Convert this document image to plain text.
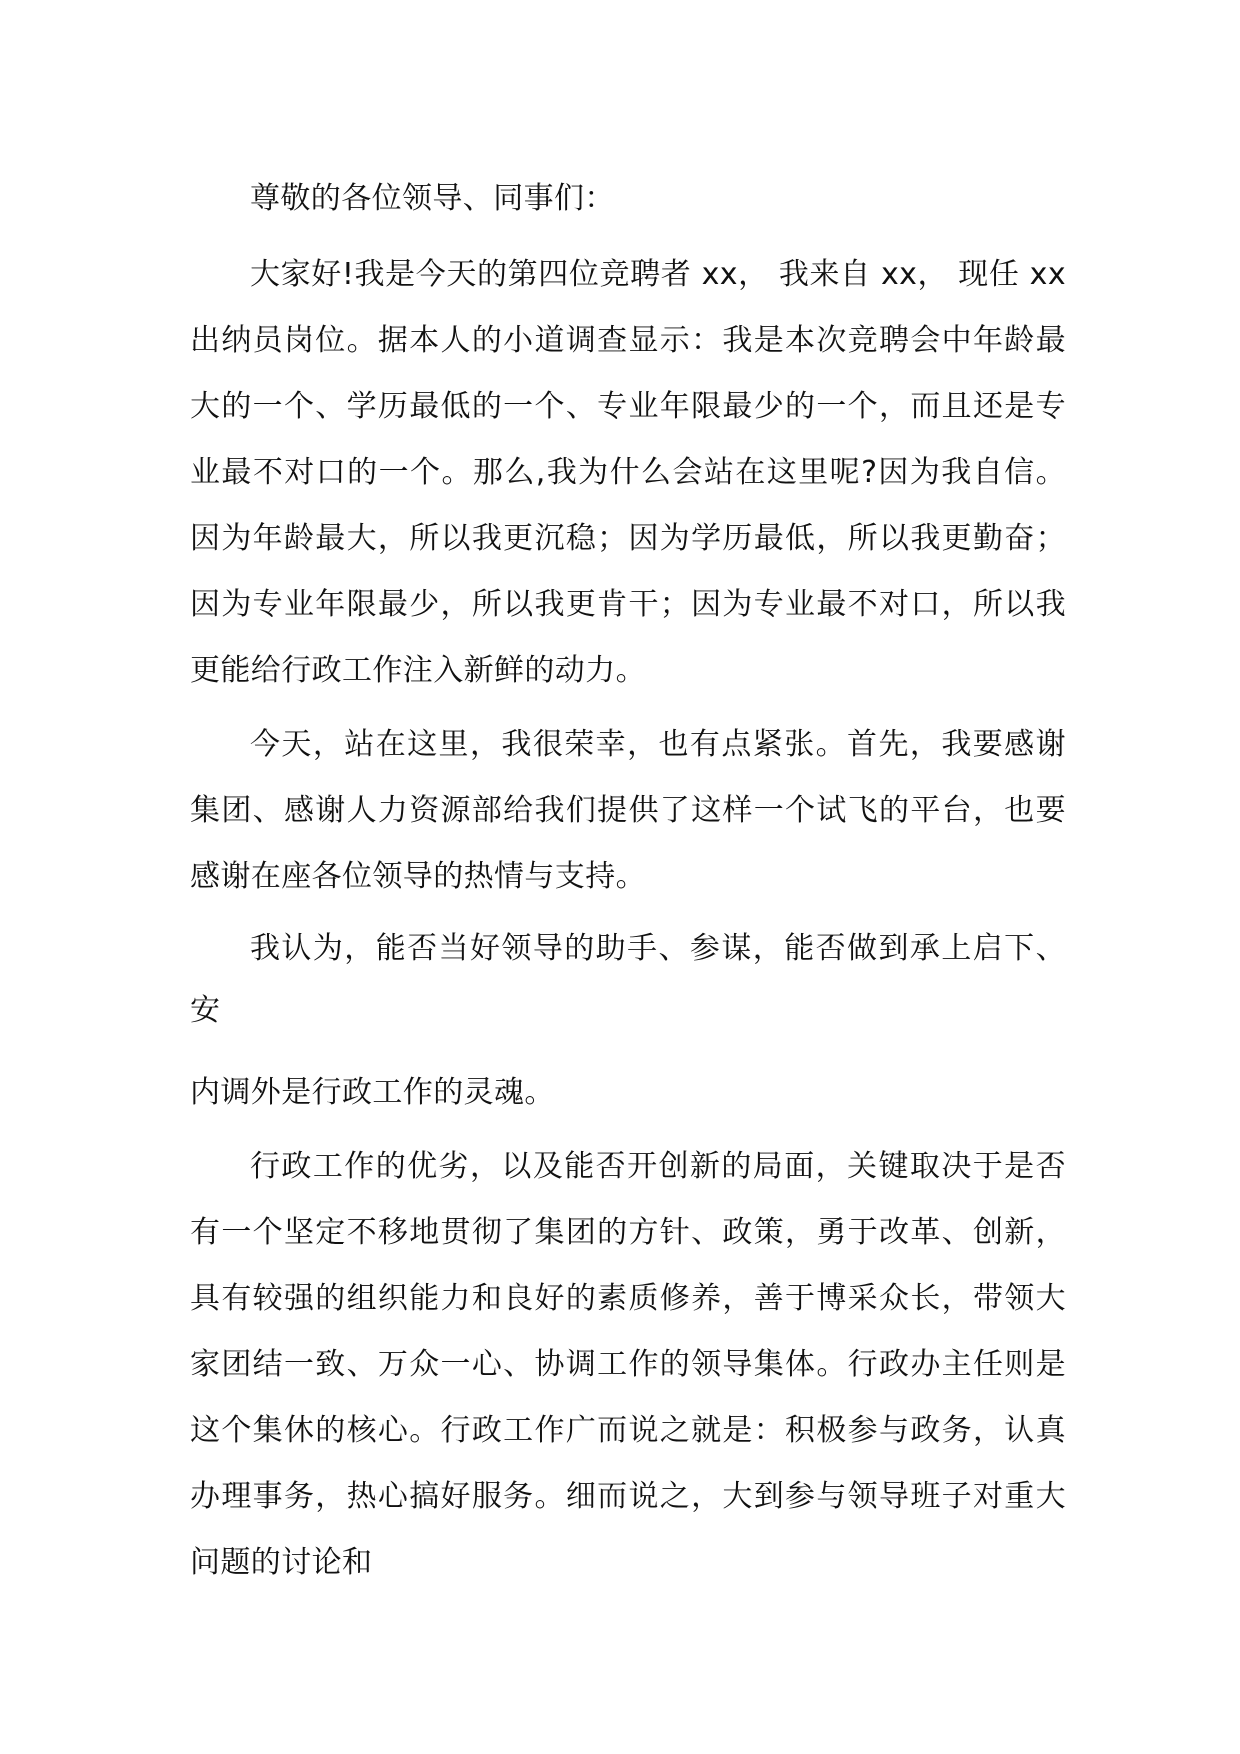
尊敬的各位领导、同事们：

大家好!我是今天的第四位竞聘者 xx， 我来自 xx， 现任 xx 出纳员岗位。据本人的小道调查显示：我是本次竞聘会中年龄最大的一个、学历最低的一个、专业年限最少的一个，而且还是专业最不对口的一个。那么,我为什么会站在这里呢?因为我自信。因为年龄最大，所以我更沉稳；因为学历最低，所以我更勤奋； 因为专业年限最少，所以我更肯干；因为专业最不对口，所以我更能给行政工作注入新鲜的动力。

今天，站在这里，我很荣幸，也有点紧张。首先，我要感谢集团、感谢人力资源部给我们提供了这样一个试飞的平台，也要感谢在座各位领导的热情与支持。

我认为，能否当好领导的助手、参谋，能否做到承上启下、安
内调外是行政工作的灵魂。

行政工作的优劣，以及能否开创新的局面，关键取决于是否有一个坚定不移地贯彻了集团的方针、政策，勇于改革、创新，具有较强的组织能力和良好的素质修养，善于博采众长，带领大家团结一致、万众一心、协调工作的领导集体。行政办主任则是这个集休的核心。行政工作广而说之就是：积极参与政务，认真办理事务，热心搞好服务。细而说之，大到参与领导班子对重大问题的讨论和
